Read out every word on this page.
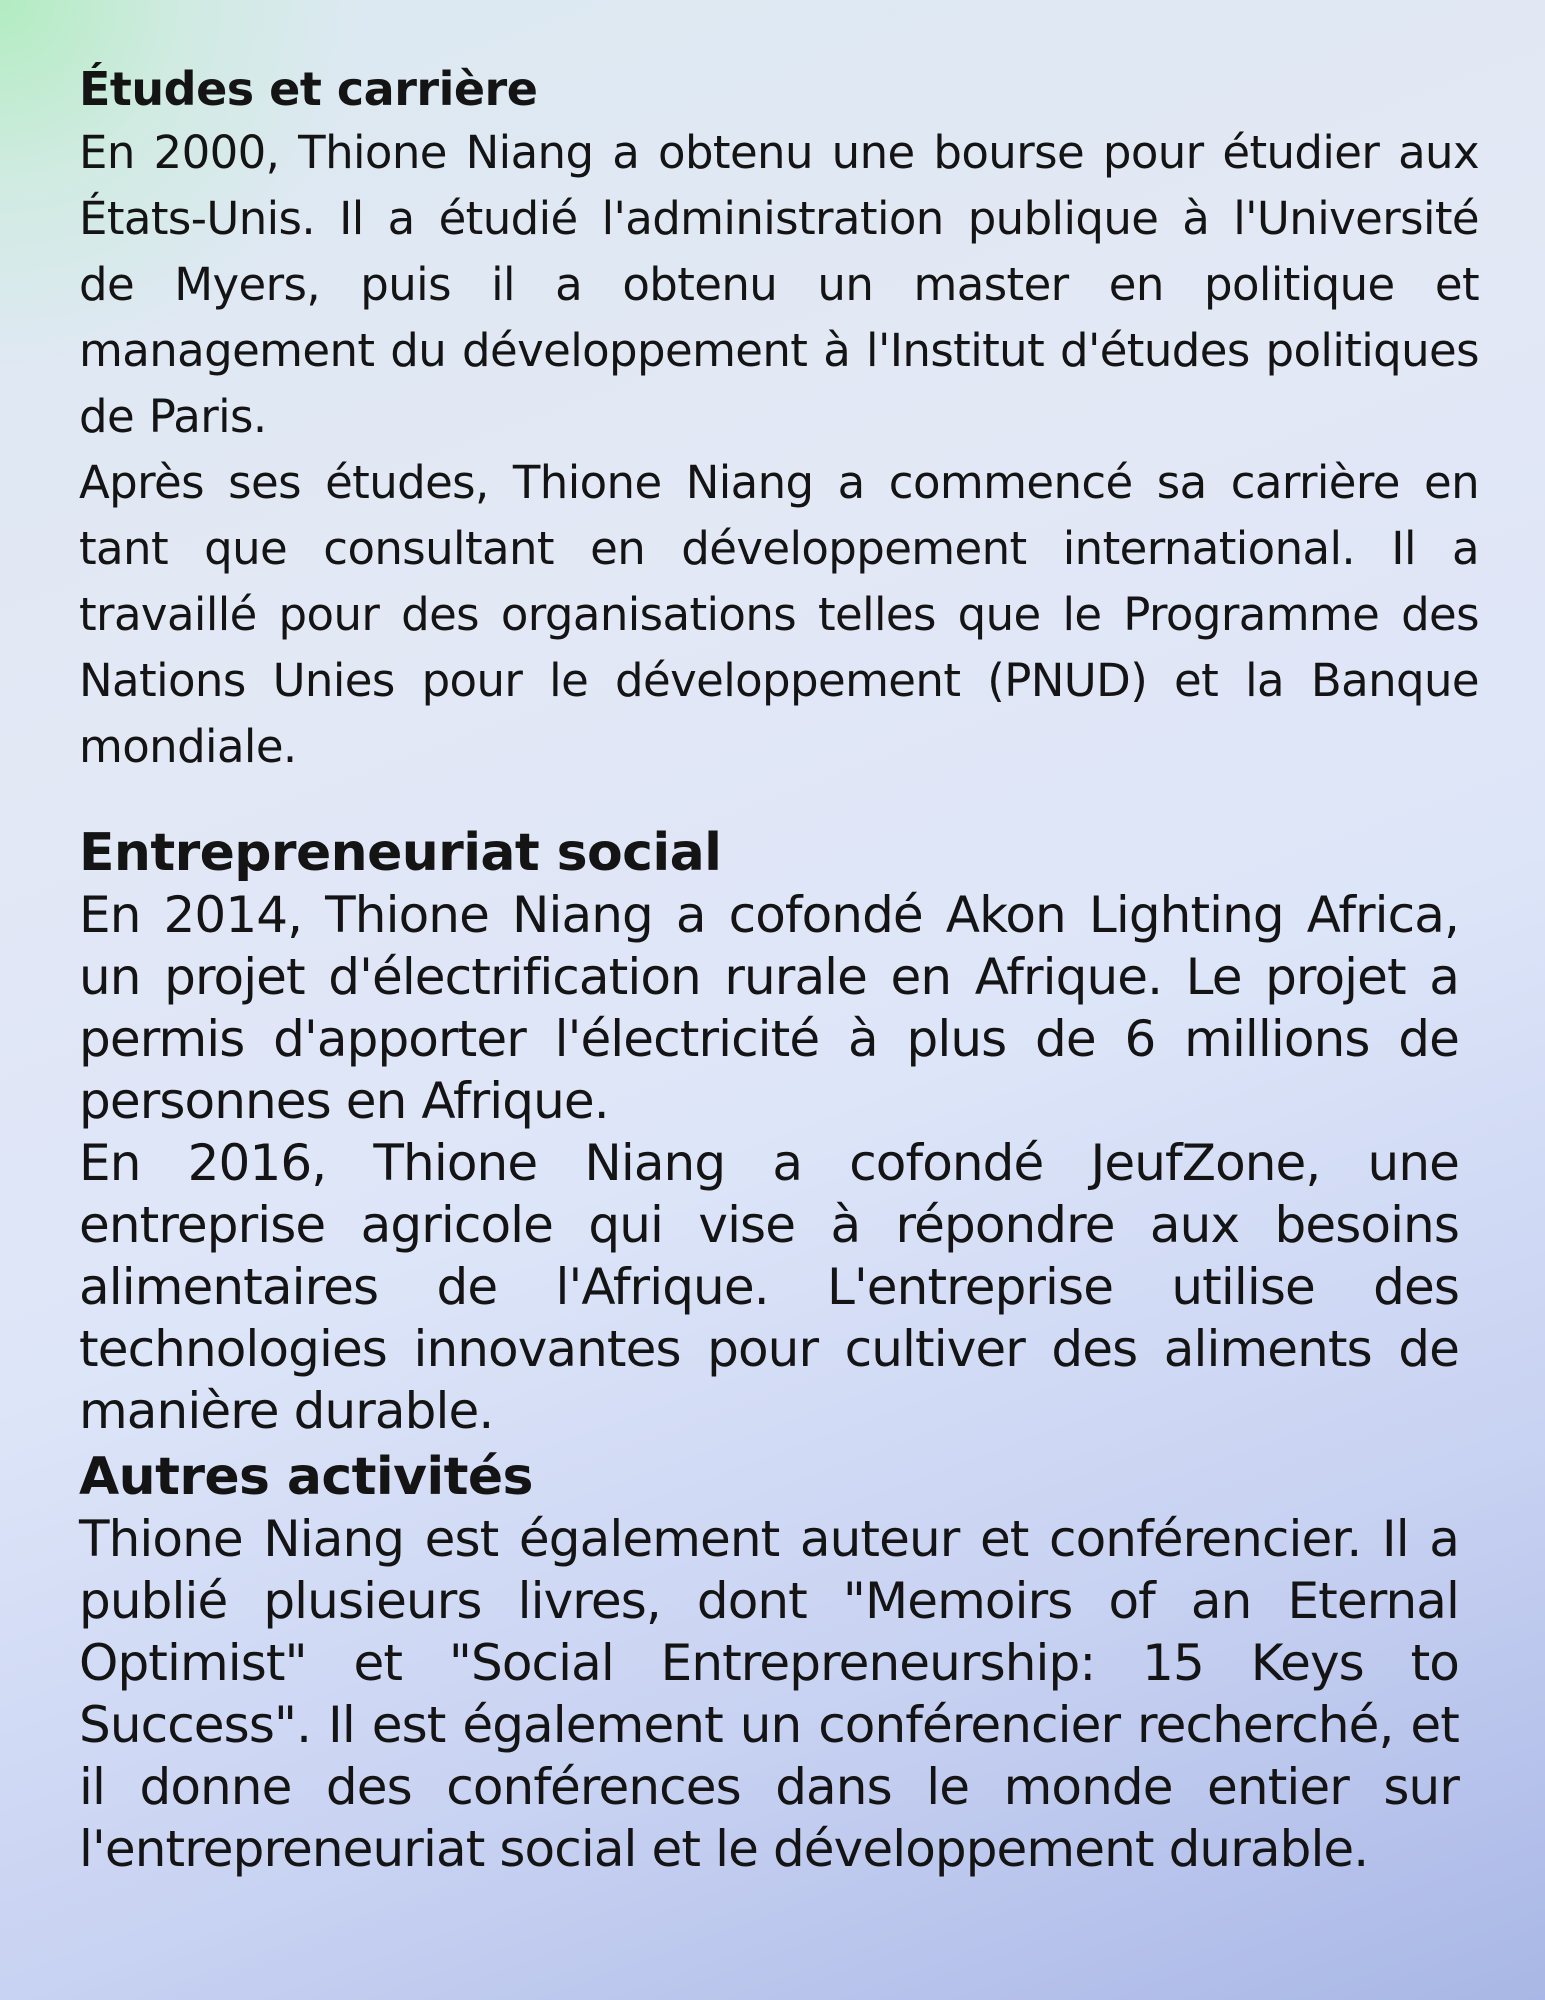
Études et carrière

En 2000, Thione Niang a obtenu une bourse pour étudier aux États-Unis. Il a étudié l'administration publique à l'Université de Myers, puis il a obtenu un master en politique et management du développement à l'Institut d'études politiques de Paris.

Après ses études, Thione Niang a commencé sa carrière en tant que consultant en développement international. Il a travaillé pour des organisations telles que le Programme des Nations Unies pour le développement (PNUD) et la Banque mondiale.

Entrepreneuriat social

En 2014, Thione Niang a cofondé Akon Lighting Africa, un projet d'électrification rurale en Afrique. Le projet a permis d'apporter l'électricité à plus de 6 millions de personnes en Afrique.

En 2016, Thione Niang a cofondé JeufZone, une entreprise agricole qui vise à répondre aux besoins alimentaires de l'Afrique. L'entreprise utilise des technologies innovantes pour cultiver des aliments de manière durable.

Autres activités

Thione Niang est également auteur et conférencier. Il a publié plusieurs livres, dont "Memoirs of an Eternal Optimist" et "Social Entrepreneurship: 15 Keys to Success". Il est également un conférencier recherché, et il donne des conférences dans le monde entier sur l'entrepreneuriat social et le développement durable.
